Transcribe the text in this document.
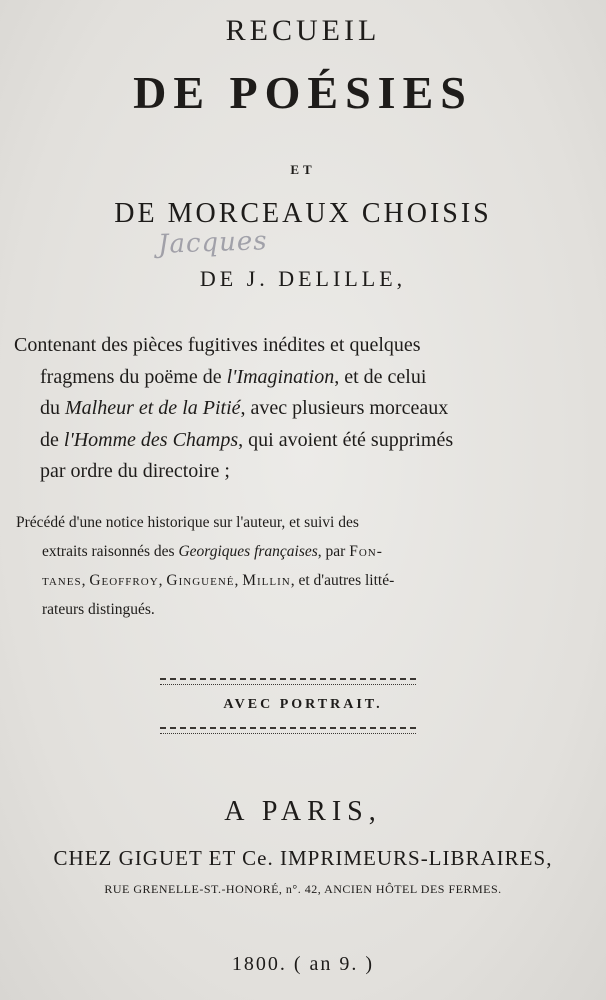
RECUEIL
DE POÉSIES
ET
DE MORCEAUX CHOISIS
Jacques
DE J. DELILLE,
Contenant des pièces fugitives inédites et quelques
fragmens du poëme de l'Imagination, et de celui
du Malheur et de la Pitié, avec plusieurs morceaux
de l'Homme des Champs, qui avoient été supprimés
par ordre du directoire ;
Précédé d'une notice historique sur l'auteur, et suivi des
extraits raisonnés des Georgiques françaises, par Fon-
tanes, Geoffroy, Ginguené, Millin, et d'autres litté-
rateurs distingués.
AVEC PORTRAIT.
A PARIS,
CHEZ GIGUET ET Ce. IMPRIMEURS-LIBRAIRES,
RUE GRENELLE-ST.-HONORÉ, n°. 42, ANCIEN HÔTEL DES FERMES.
1800. ( an 9. )
